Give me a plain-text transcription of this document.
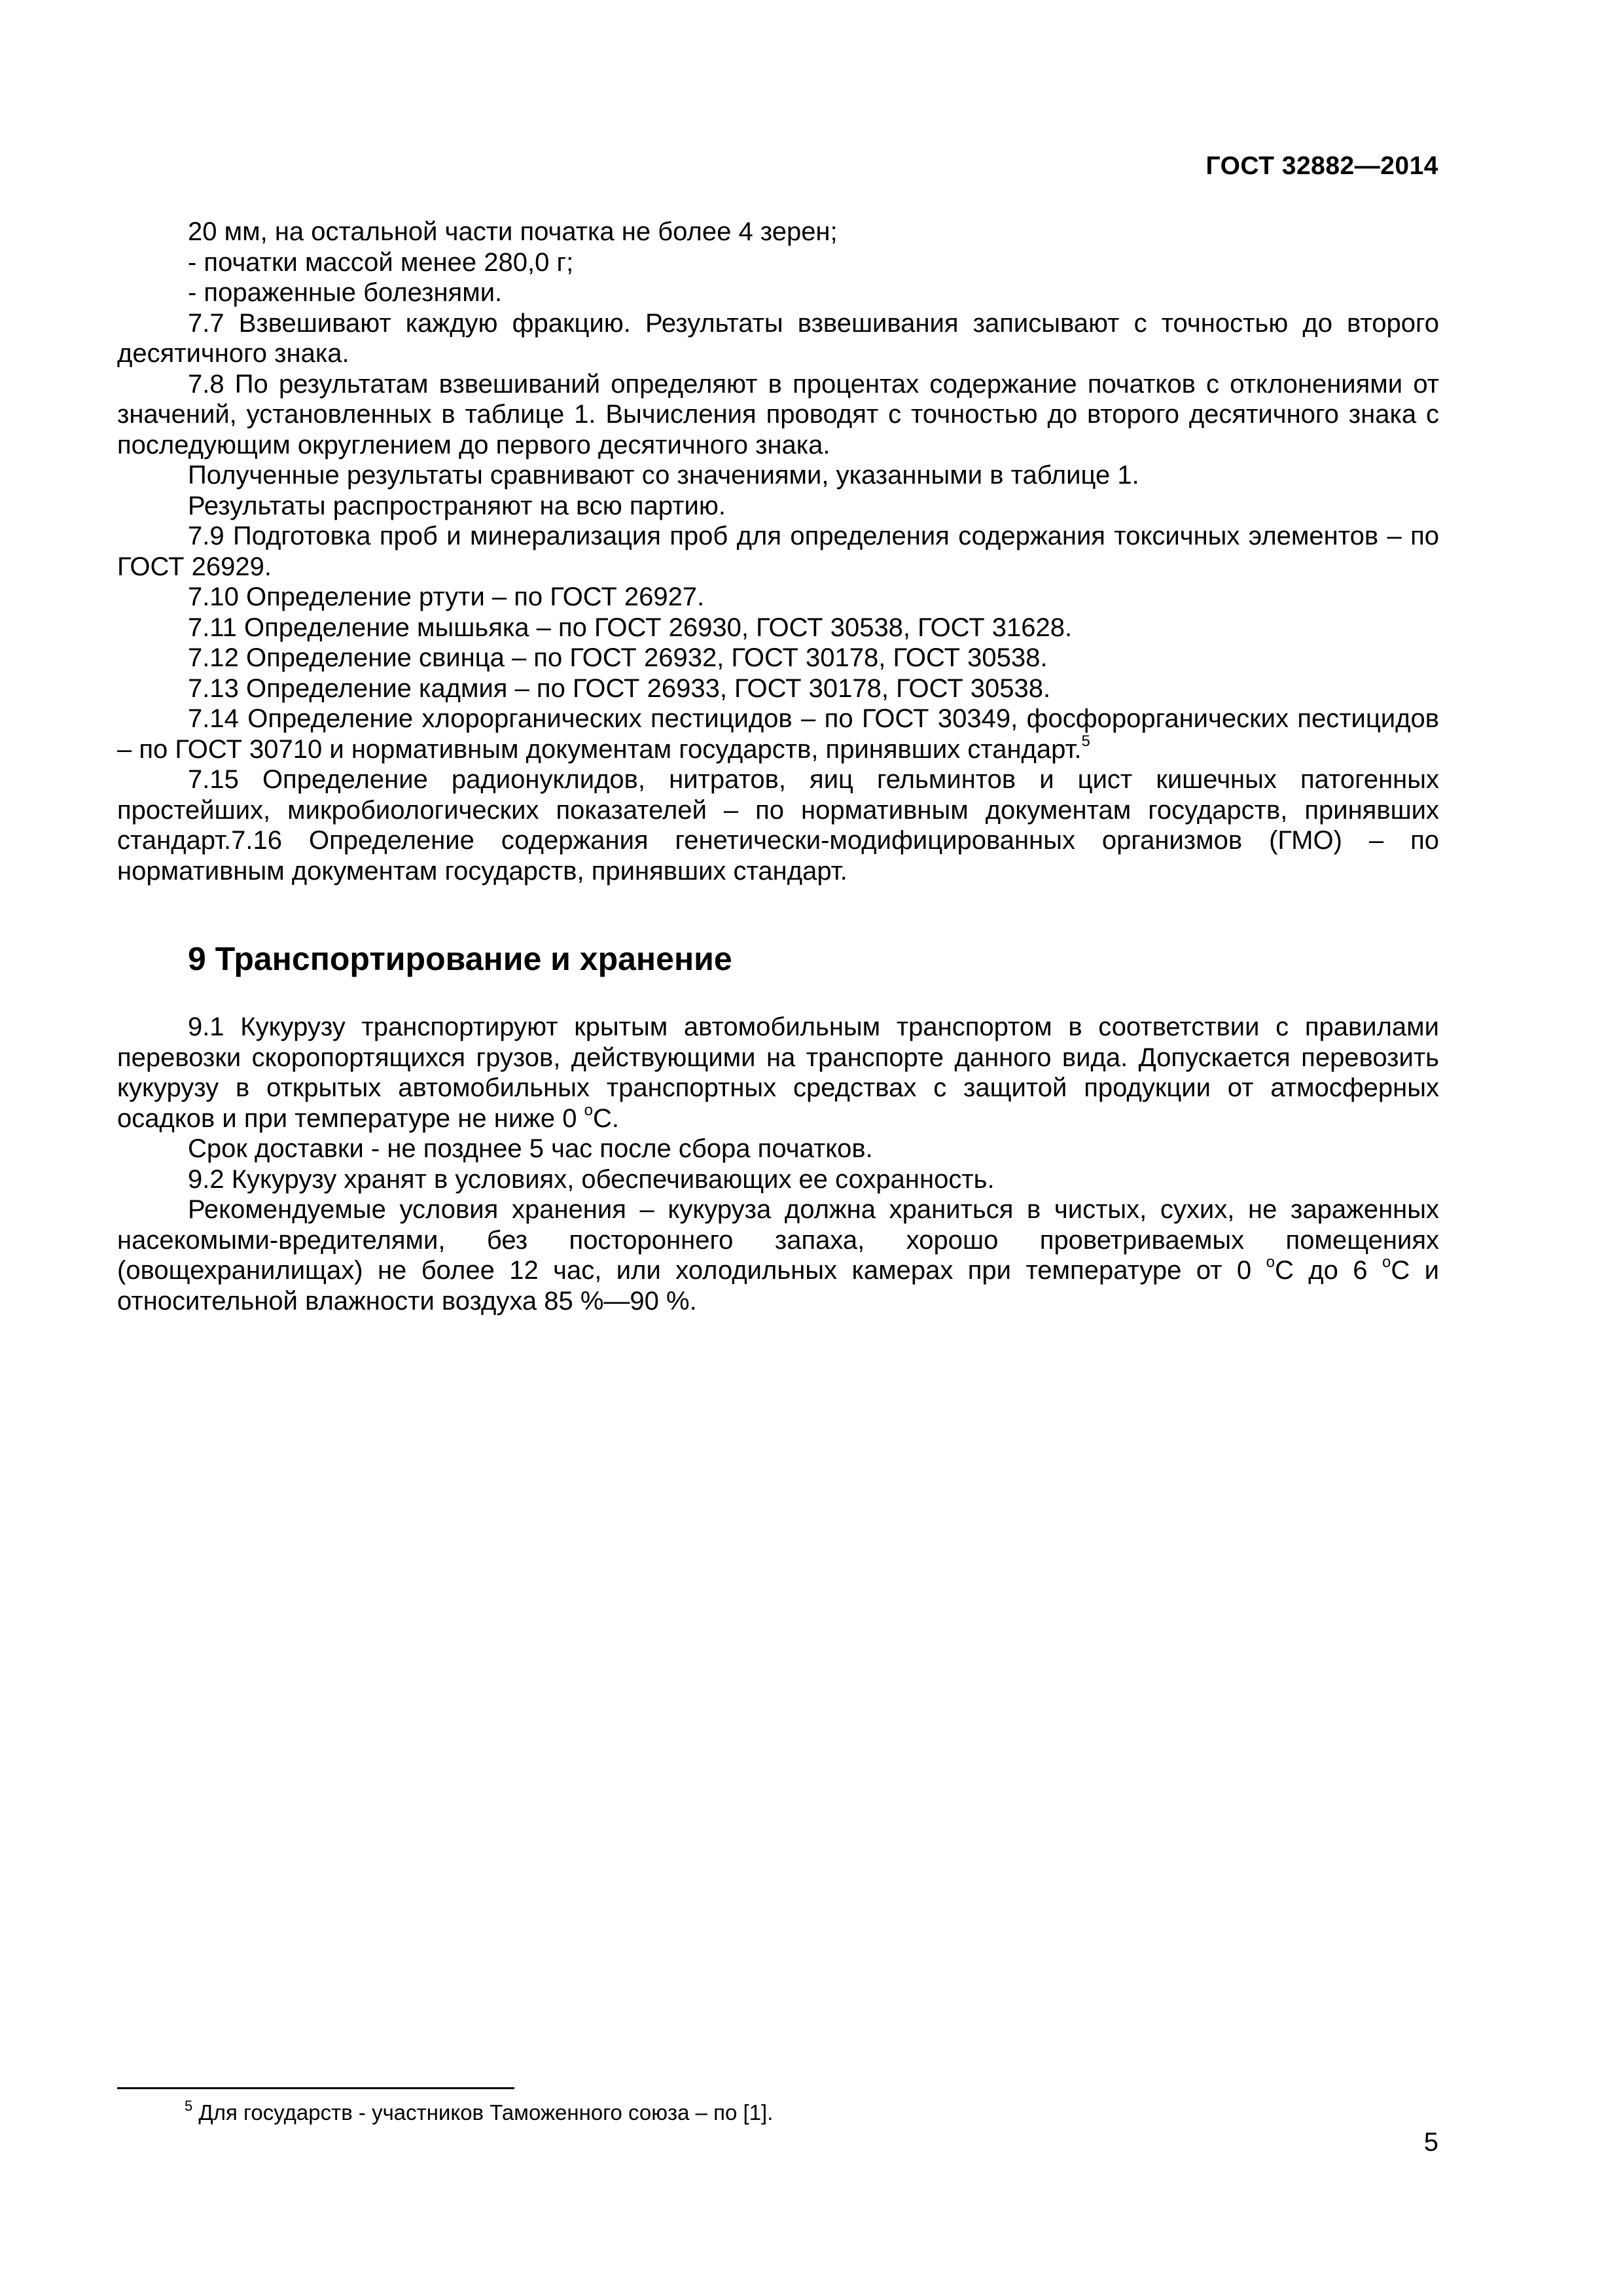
ГОСТ 32882—2014

20 мм, на остальной части початка не более 4 зерен;

- початки массой менее 280,0 г;

- пораженные болезнями.

7.7 Взвешивают каждую фракцию. Результаты взвешивания записывают с точностью до второго десятичного знака.

7.8 По результатам взвешиваний определяют в процентах содержание початков с отклонениями от значений, установленных в таблице 1. Вычисления проводят с точностью до второго десятичного знака с последующим округлением до первого десятичного знака.

Полученные результаты сравнивают со значениями, указанными в таблице 1.

Результаты распространяют на всю партию.

7.9 Подготовка проб и минерализация проб для определения содержания токсичных элементов – по ГОСТ 26929.

7.10 Определение ртути – по ГОСТ 26927.

7.11 Определение мышьяка – по ГОСТ 26930, ГОСТ 30538, ГОСТ 31628.

7.12 Определение свинца – по ГОСТ 26932, ГОСТ 30178, ГОСТ 30538.

7.13 Определение кадмия – по ГОСТ 26933, ГОСТ 30178, ГОСТ 30538.

7.14 Определение хлорорганических пестицидов – по ГОСТ 30349, фосфорорганических пестицидов – по ГОСТ 30710 и нормативным документам государств, принявших стандарт.$^5$

7.15 Определение радионуклидов, нитратов, яиц гельминтов и цист кишечных патогенных простейших, микробиологических показателей – по нормативным документам государств, принявших стандарт.7.16 Определение содержания генетически-модифицированных организмов (ГМО) – по нормативным документам государств, принявших стандарт.

9 Транспортирование и хранение

9.1 Кукурузу транспортируют крытым автомобильным транспортом в соответствии с правилами перевозки скоропортящихся грузов, действующими на транспорте данного вида. Допускается перевозить кукурузу в открытых автомобильных транспортных средствах с защитой продукции от атмосферных осадков и при температуре не ниже 0 $^o$С.

Срок доставки - не позднее 5 час после сбора початков.

9.2 Кукурузу хранят в условиях, обеспечивающих ее сохранность.

Рекомендуемые условия хранения – кукуруза должна храниться в чистых, сухих, не зараженных насекомыми-вредителями, без постороннего запаха, хорошо проветриваемых помещениях (овощехранилищах) не более 12 час, или холодильных камерах при температуре от 0 $^o$С до 6 $^o$С и относительной влажности воздуха 85 %—90 %.

$^5$ Для государств - участников Таможенного союза – по [1].
5
